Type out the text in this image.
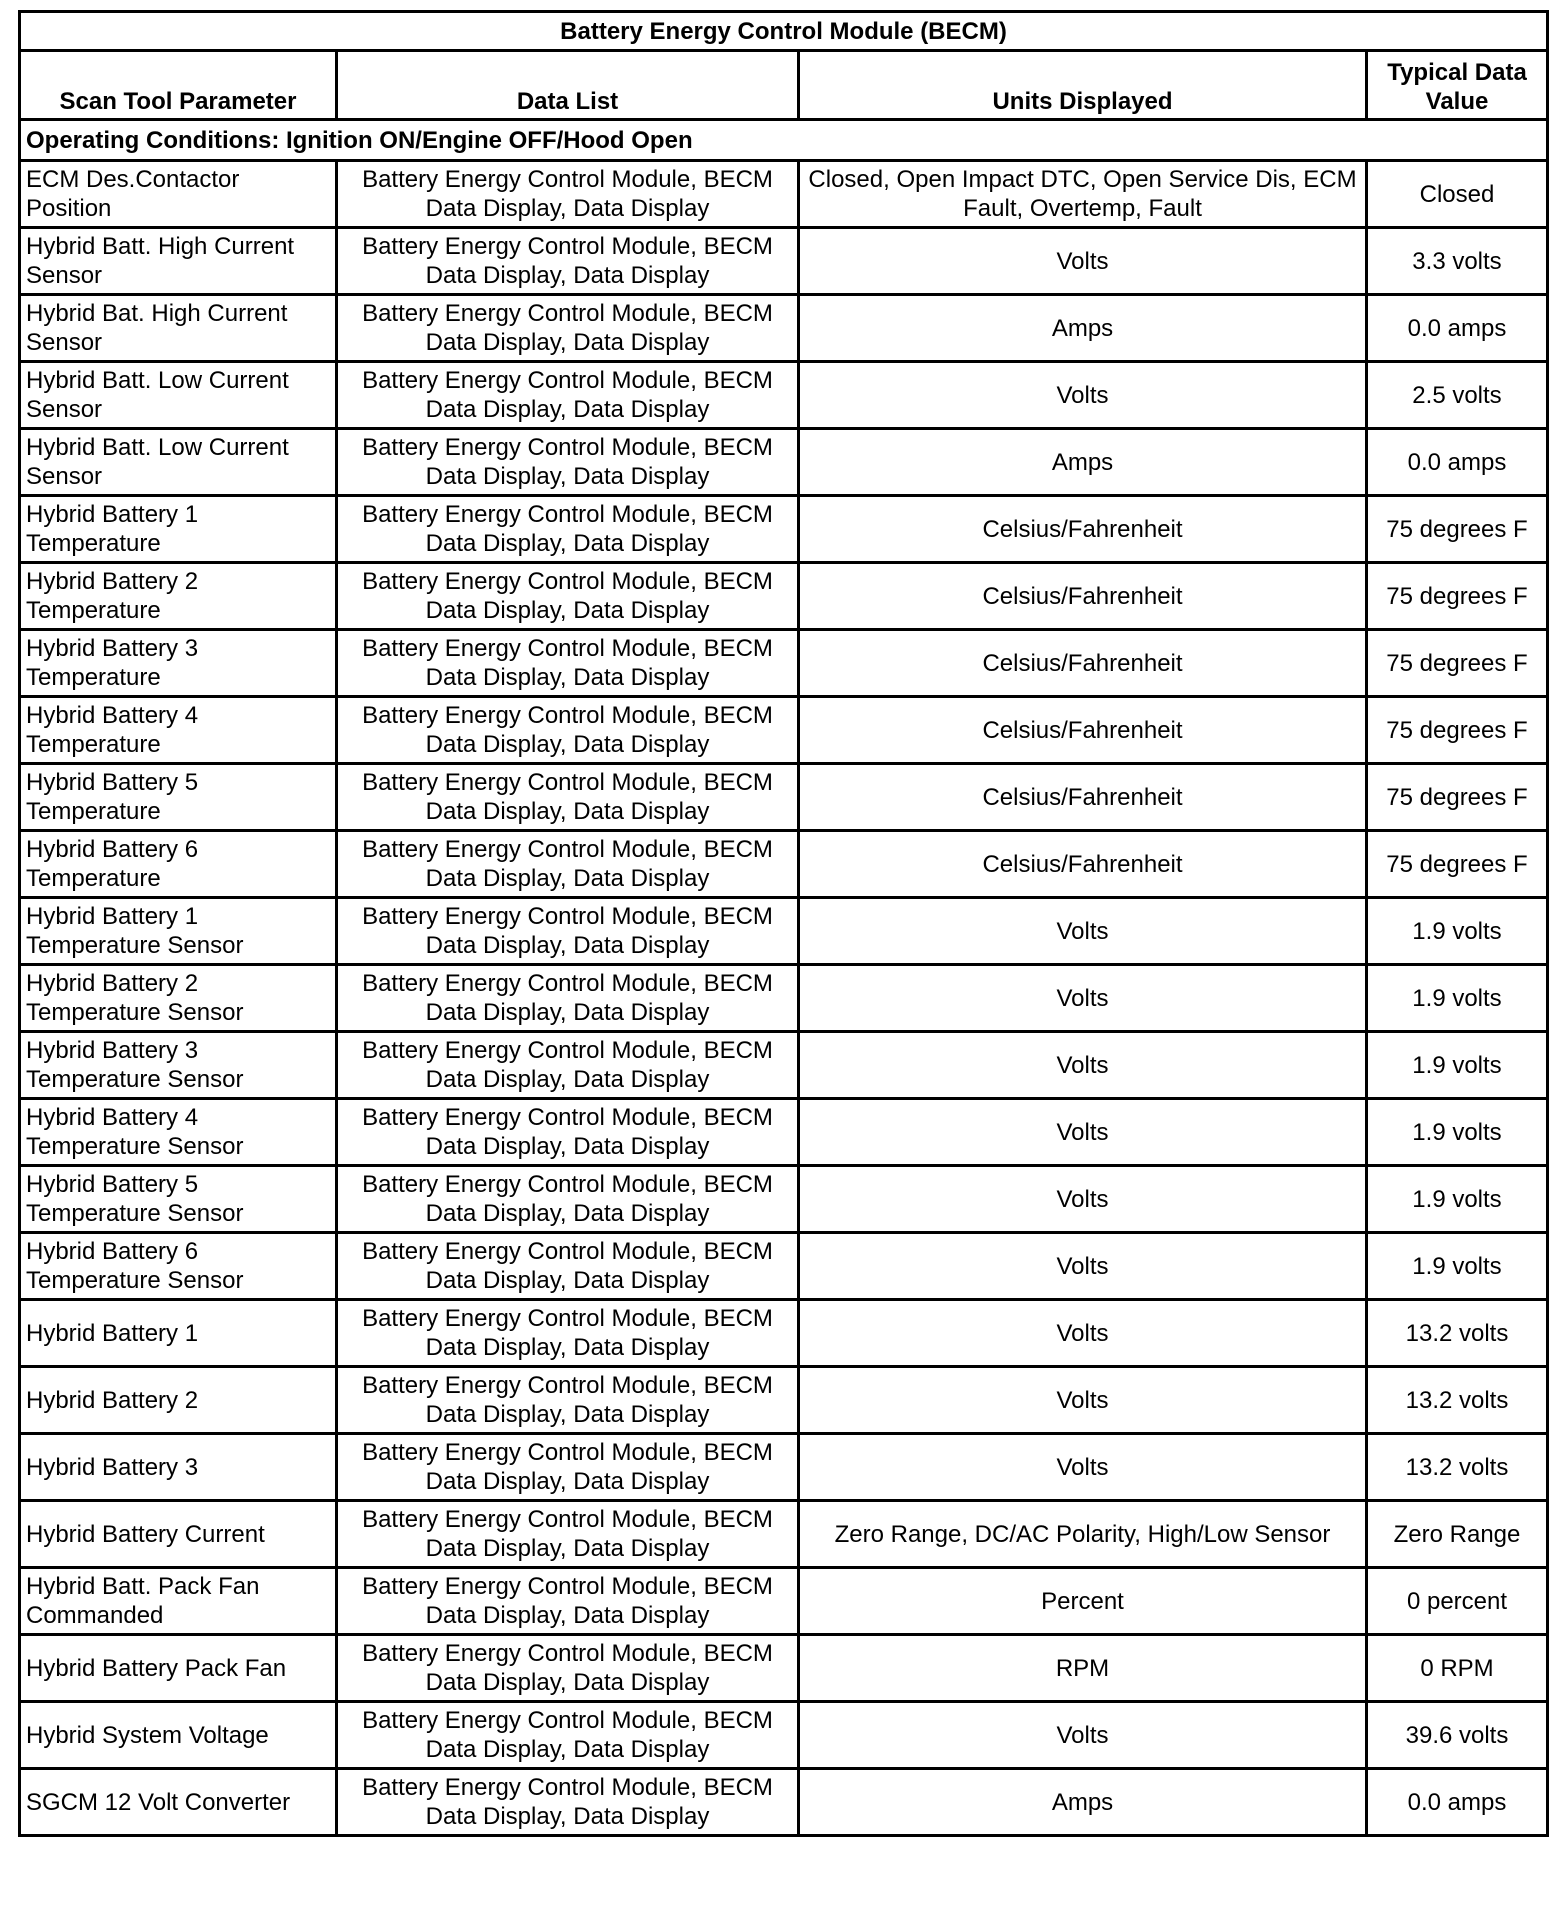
Battery Energy Control Module (BECM)			
Scan Tool Parameter	Data List	Units Displayed	Typical Data Value
Operating Conditions: Ignition ON/Engine OFF/Hood Open			
ECM Des.Contactor Position	Battery Energy Control Module, BECM Data Display, Data Display	Closed, Open Impact DTC, Open Service Dis, ECM Fault, Overtemp, Fault	Closed
Hybrid Batt. High Current Sensor	Battery Energy Control Module, BECM Data Display, Data Display	Volts	3.3 volts
Hybrid Bat. High Current Sensor	Battery Energy Control Module, BECM Data Display, Data Display	Amps	0.0 amps
Hybrid Batt. Low Current Sensor	Battery Energy Control Module, BECM Data Display, Data Display	Volts	2.5 volts
Hybrid Batt. Low Current Sensor	Battery Energy Control Module, BECM Data Display, Data Display	Amps	0.0 amps
Hybrid Battery 1 Temperature	Battery Energy Control Module, BECM Data Display, Data Display	Celsius/Fahrenheit	75 degrees F
Hybrid Battery 2 Temperature	Battery Energy Control Module, BECM Data Display, Data Display	Celsius/Fahrenheit	75 degrees F
Hybrid Battery 3 Temperature	Battery Energy Control Module, BECM Data Display, Data Display	Celsius/Fahrenheit	75 degrees F
Hybrid Battery 4 Temperature	Battery Energy Control Module, BECM Data Display, Data Display	Celsius/Fahrenheit	75 degrees F
Hybrid Battery 5 Temperature	Battery Energy Control Module, BECM Data Display, Data Display	Celsius/Fahrenheit	75 degrees F
Hybrid Battery 6 Temperature	Battery Energy Control Module, BECM Data Display, Data Display	Celsius/Fahrenheit	75 degrees F
Hybrid Battery 1 Temperature Sensor	Battery Energy Control Module, BECM Data Display, Data Display	Volts	1.9 volts
Hybrid Battery 2 Temperature Sensor	Battery Energy Control Module, BECM Data Display, Data Display	Volts	1.9 volts
Hybrid Battery 3 Temperature Sensor	Battery Energy Control Module, BECM Data Display, Data Display	Volts	1.9 volts
Hybrid Battery 4 Temperature Sensor	Battery Energy Control Module, BECM Data Display, Data Display	Volts	1.9 volts
Hybrid Battery 5 Temperature Sensor	Battery Energy Control Module, BECM Data Display, Data Display	Volts	1.9 volts
Hybrid Battery 6 Temperature Sensor	Battery Energy Control Module, BECM Data Display, Data Display	Volts	1.9 volts
Hybrid Battery 1	Battery Energy Control Module, BECM Data Display, Data Display	Volts	13.2 volts
Hybrid Battery 2	Battery Energy Control Module, BECM Data Display, Data Display	Volts	13.2 volts
Hybrid Battery 3	Battery Energy Control Module, BECM Data Display, Data Display	Volts	13.2 volts
Hybrid Battery Current	Battery Energy Control Module, BECM Data Display, Data Display	Zero Range, DC/AC Polarity, High/Low Sensor	Zero Range
Hybrid Batt. Pack Fan Commanded	Battery Energy Control Module, BECM Data Display, Data Display	Percent	0 percent
Hybrid Battery Pack Fan	Battery Energy Control Module, BECM Data Display, Data Display	RPM	0 RPM
Hybrid System Voltage	Battery Energy Control Module, BECM Data Display, Data Display	Volts	39.6 volts
SGCM 12 Volt Converter	Battery Energy Control Module, BECM Data Display, Data Display	Amps	0.0 amps
